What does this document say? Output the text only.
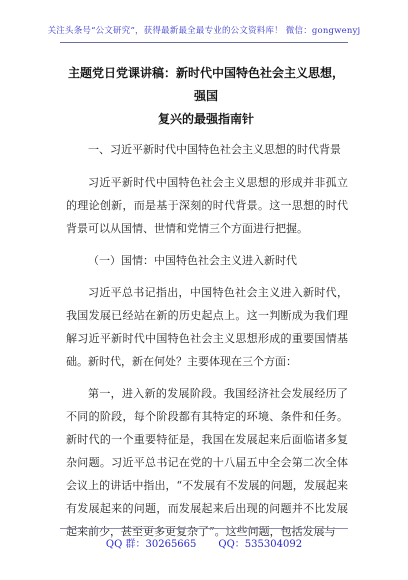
关注头条号“公文研究”，获得最新最全最专业的公文资料库！ 微信：gongwenyj
主题党日党课讲稿：新时代中国特色社会主义思想，强国
复兴的最强指南针

一、习近平新时代中国特色社会主义思想的时代背景

习近平新时代中国特色社会主义思想的形成并非孤立的理论创新，而是基于深刻的时代背景。这一思想的时代背景可以从国情、世情和党情三个方面进行把握。

（一）国情：中国特色社会主义进入新时代

习近平总书记指出，中国特色社会主义进入新时代，我国发展已经站在新的历史起点上。这一判断成为我们理解习近平新时代中国特色社会主义思想形成的重要国情基础。新时代，新在何处？主要体现在三个方面：

第一，进入新的发展阶段。我国经济社会发展经历了不同的阶段，每个阶段都有其特定的环境、条件和任务。新时代的一个重要特征是，我国在发展起来后面临诸多复杂问题。习近平总书记在党的十八届五中全会第二次全体会议上的讲话中指出，“不发展有不发展的问题，发展起来有发展起来的问题，而发展起来后出现的问题并不比发展起来前少，甚至更多更复杂了”。这些问题，包括发展与

QQ 群：30265665 QQ：535304092
